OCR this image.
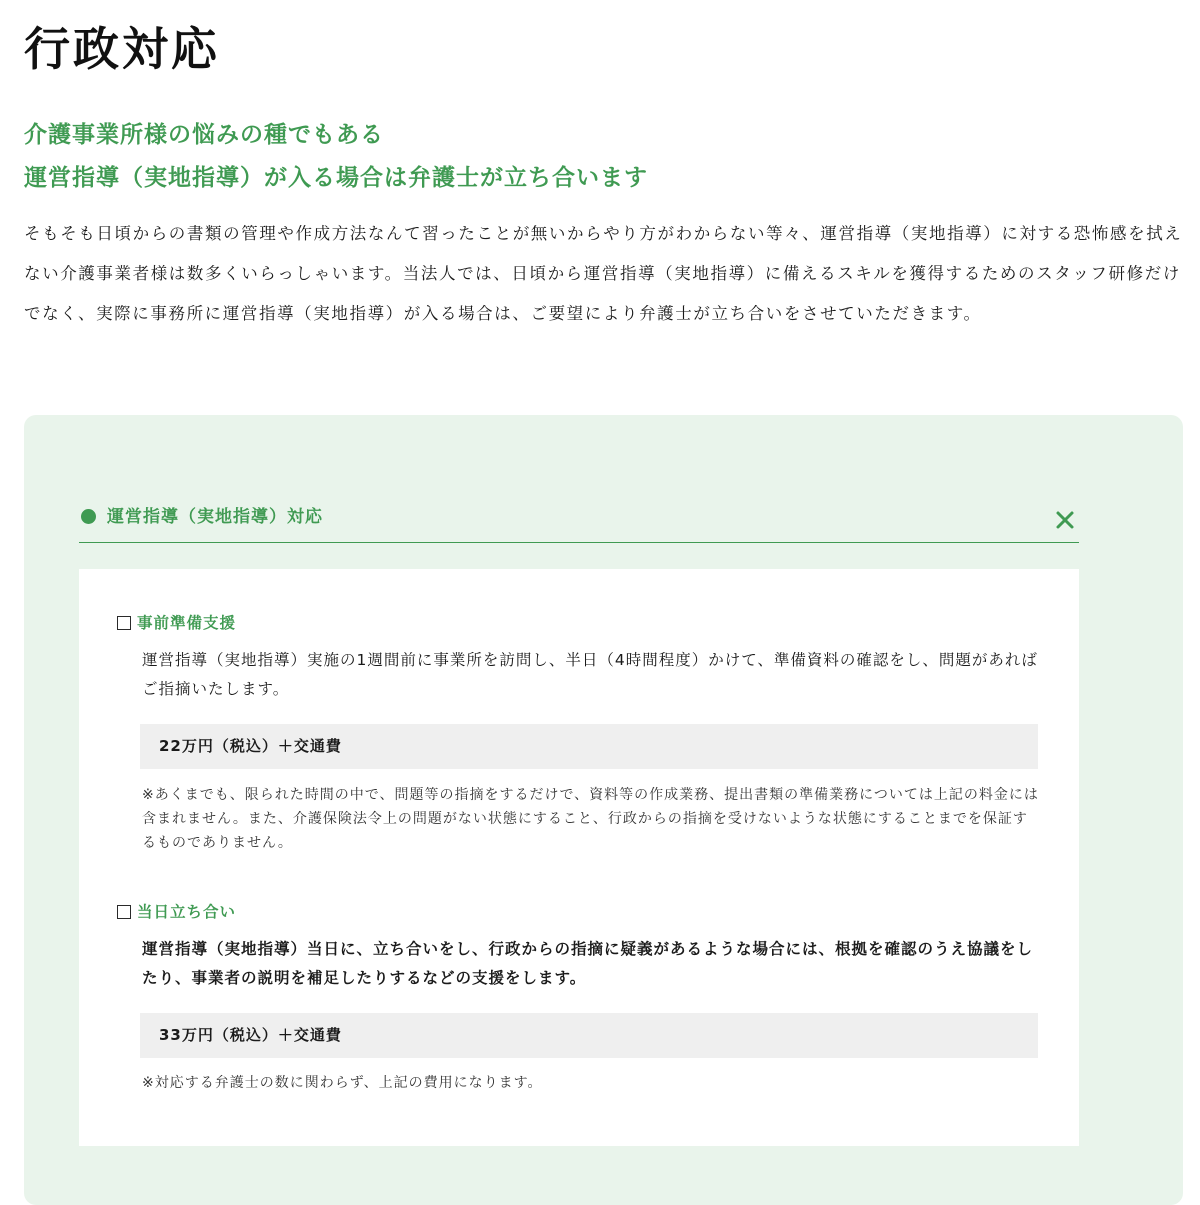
行政対応
介護事業所様の悩みの種でもある
運営指導（実地指導）が入る場合は弁護士が立ち合います

そもそも日頃からの書類の管理や作成方法なんて習ったことが無いからやり方がわからない等々、運営指導（実地指導）に対する恐怖感を拭えない介護事業者様は数多くいらっしゃいます。当法人では、日頃から運営指導（実地指導）に備えるスキルを獲得するためのスタッフ研修だけでなく、実際に事務所に運営指導（実地指導）が入る場合は、ご要望により弁護士が立ち合いをさせていただきます。

運営指導（実地指導）対応
事前準備支援

運営指導（実地指導）実施の1週間前に事業所を訪問し、半日（4時間程度）かけて、準備資料の確認をし、問題があればご指摘いたします。

22万円（税込）＋交通費

※あくまでも、限られた時間の中で、問題等の指摘をするだけで、資料等の作成業務、提出書類の準備業務については上記の料金には含まれません。また、介護保険法令上の問題がない状態にすること、行政からの指摘を受けないような状態にすることまでを保証するものでありません。

当日立ち合い

運営指導（実地指導）当日に、立ち合いをし、行政からの指摘に疑義があるような場合には、根拠を確認のうえ協議をしたり、事業者の説明を補足したりするなどの支援をします。

33万円（税込）＋交通費

※対応する弁護士の数に関わらず、上記の費用になります。
